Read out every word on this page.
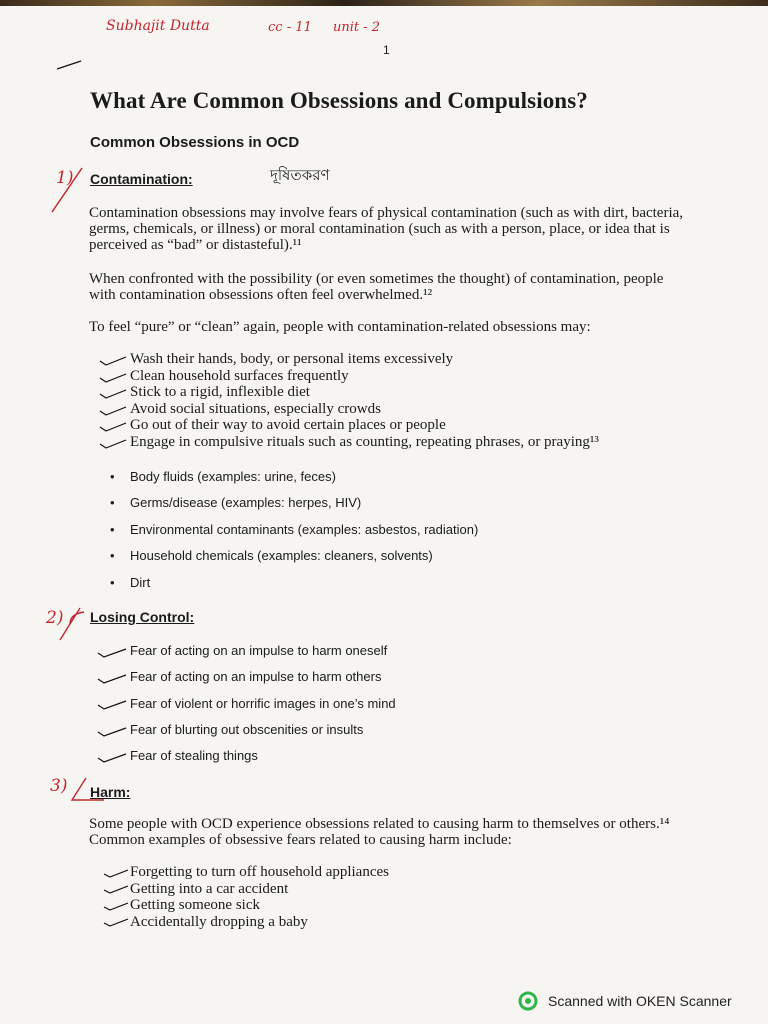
Subhajit Dutta	cc - 11 unit - 2
1
What Are Common Obsessions and Compulsions?
Common Obsessions in OCD
1) Contamination:	দূষিতকরণ
Contamination obsessions may involve fears of physical contamination (such as with dirt, bacteria, germs, chemicals, or illness) or moral contamination (such as with a person, place, or idea that is perceived as “bad” or distasteful).¹¹
When confronted with the possibility (or even sometimes the thought) of contamination, people with contamination obsessions often feel overwhelmed.¹²
To feel “pure” or “clean” again, people with contamination-related obsessions may:
Wash their hands, body, or personal items excessively
Clean household surfaces frequently
Stick to a rigid, inflexible diet
Avoid social situations, especially crowds
Go out of their way to avoid certain places or people
Engage in compulsive rituals such as counting, repeating phrases, or praying¹³
• Body fluids (examples: urine, feces)
• Germs/disease (examples: herpes, HIV)
• Environmental contaminants (examples: asbestos, radiation)
• Household chemicals (examples: cleaners, solvents)
• Dirt
2) Losing Control:
Fear of acting on an impulse to harm oneself
Fear of acting on an impulse to harm others
Fear of violent or horrific images in one’s mind
Fear of blurting out obscenities or insults
Fear of stealing things
3) Harm:
Some people with OCD experience obsessions related to causing harm to themselves or others.¹⁴ Common examples of obsessive fears related to causing harm include:
Forgetting to turn off household appliances
Getting into a car accident
Getting someone sick
Accidentally dropping a baby
Scanned with OKEN Scanner
